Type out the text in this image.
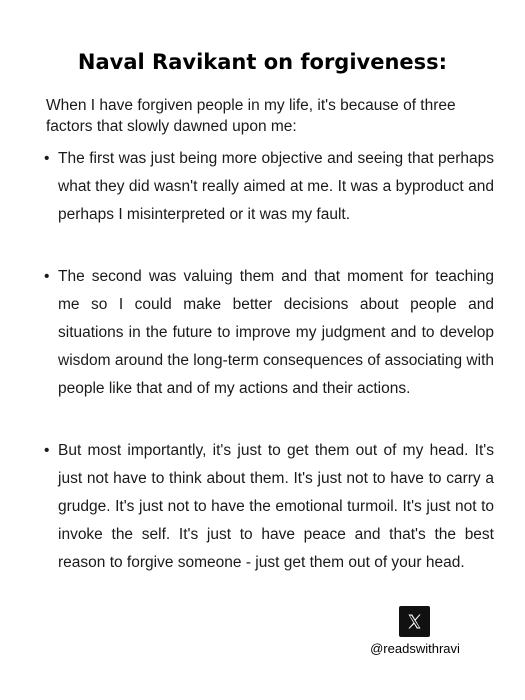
Naval Ravikant on forgiveness:

When I have forgiven people in my life, it's because of three factors that slowly dawned upon me:

• The first was just being more objective and seeing that perhaps what they did wasn't really aimed at me. It was a byproduct and perhaps I misinterpreted or it was my fault.
• The second was valuing them and that moment for teaching me so I could make better decisions about people and situations in the future to improve my judgment and to develop wisdom around the long-term consequences of associating with people like that and of my actions and their actions.
• But most importantly, it's just to get them out of my head. It's just not have to think about them. It's just not to have to carry a grudge. It's just not to have the emotional turmoil. It's just not to invoke the self. It's just to have peace and that's the best reason to forgive someone - just get them out of your head.

@readswithravi
